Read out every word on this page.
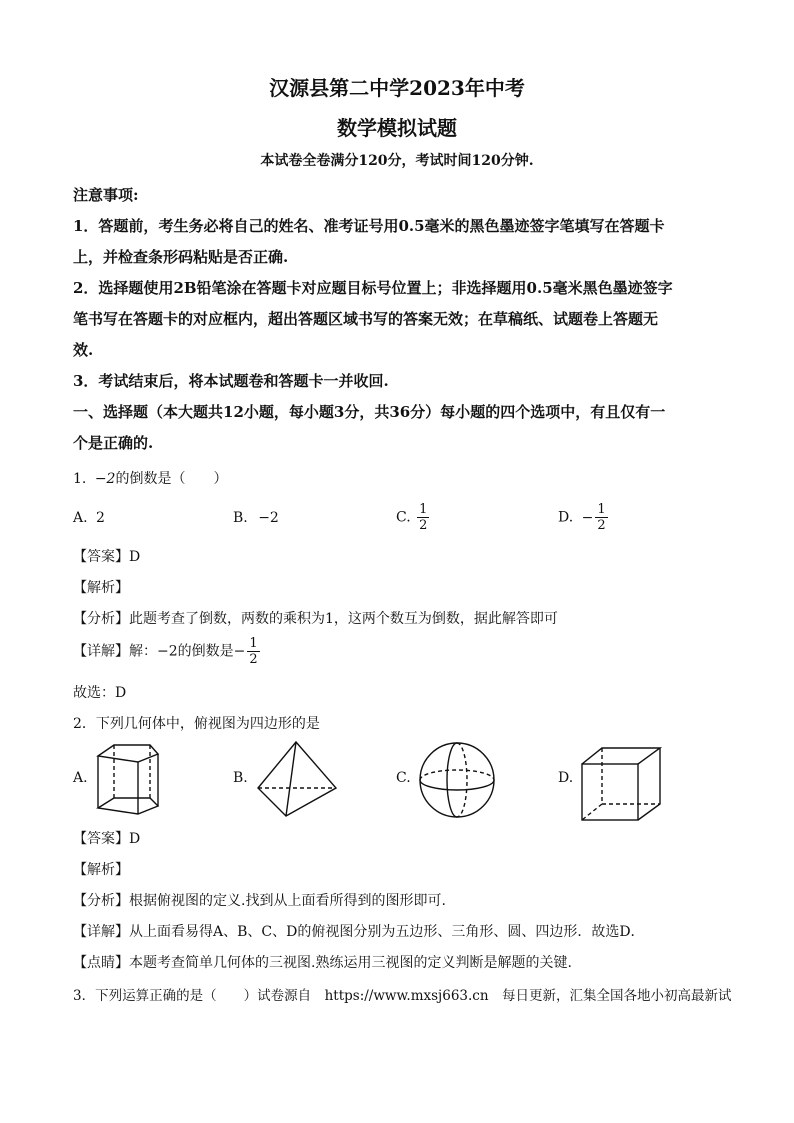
汉源县第二中学2023年中考
数学模拟试题
本试卷全卷满分120分，考试时间120分钟.
注意事项:
1．答题前，考生务必将自己的姓名、准考证号用0.5毫米的黑色墨迹签字笔填写在答题卡
上，并检查条形码粘贴是否正确.
2．选择题使用2B铅笔涂在答题卡对应题目标号位置上；非选择题用0.5毫米黑色墨迹签字
笔书写在答题卡的对应框内，超出答题区域书写的答案无效；在草稿纸、试题卷上答题无
效.
3．考试结束后，将本试题卷和答题卡一并收回.
一、选择题（本大题共12小题，每小题3分，共36分）每小题的四个选项中，有且仅有一
个是正确的.
1. −2的倒数是（　　）
A. 2	B. −2	C. $\frac{1}{2}$	D. − $\frac{1}{2}$
【答案】D
【解析】
【分析】此题考查了倒数，两数的乘积为1，这两个数互为倒数，据此解答即可
【详解】解：−2的倒数是− $\frac{1}{2}$
故选：D
2．下列几何体中，俯视图为四边形的是
A.	B.	C.	D.
【答案】D
【解析】
【分析】根据俯视图的定义.找到从上面看所得到的图形即可.
【详解】从上面看易得A、B、C、D的俯视图分别为五边形、三角形、圆、四边形．故选D．
【点睛】本题考查简单几何体的三视图.熟练运用三视图的定义判断是解题的关键.
3．下列运算正确的是（　　）试卷源自　https://www.mxsj663.cn　每日更新，汇集全国各地小初高最新试
